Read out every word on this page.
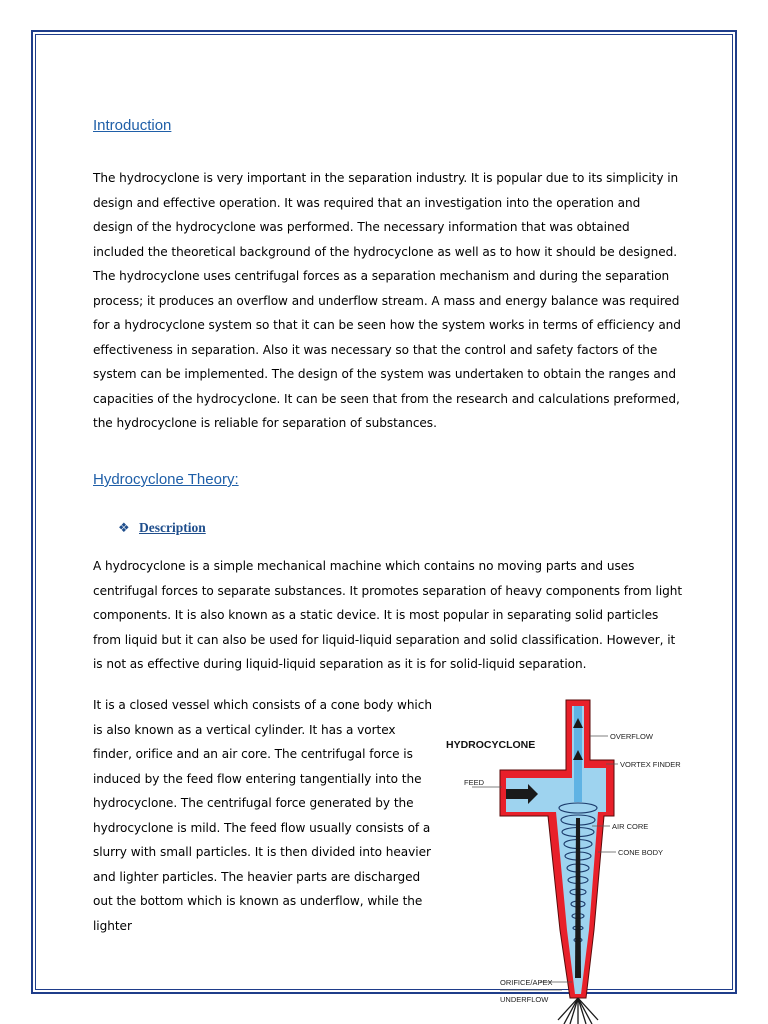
Introduction

The hydrocyclone is very important in the separation industry. It is popular due to its simplicity in design and effective operation. It was required that an investigation into the operation and design of the hydrocyclone was performed. The necessary information that was obtained included the theoretical background of the hydrocyclone as well as to how it should be designed. The hydrocyclone uses centrifugal forces as a separation mechanism and during the separation process; it produces an overflow and underflow stream. A mass and energy balance was required for a hydrocyclone system so that it can be seen how the system works in terms of efficiency and effectiveness in separation. Also it was necessary so that the control and safety factors of the system can be implemented. The design of the system was undertaken to obtain the ranges and capacities of the hydrocyclone. It can be seen that from the research and calculations preformed, the hydrocyclone is reliable for separation of substances.

Hydrocyclone Theory:
❖ Description

A hydrocyclone is a simple mechanical machine which contains no moving parts and uses centrifugal forces to separate substances. It promotes separation of heavy components from light components. It is also known as a static device. It is most popular in separating solid particles from liquid but it can also be used for liquid-liquid separation and solid classification. However, it is not as effective during liquid-liquid separation as it is for solid-liquid separation.

It is a closed vessel which consists of a cone body which is also known as a vertical cylinder. It has a vortex finder, orifice and an air core. The centrifugal force is induced by the feed flow entering tangentially into the hydrocyclone. The centrifugal force generated by the hydrocyclone is mild. The feed flow usually consists of a slurry with small particles. It is then divided into heavier and lighter particles. The heavier parts are discharged out the bottom which is known as underflow, while the lighter

HYDROCYCLONE
OVERFLOW
VORTEX FINDER
FEED
AIR CORE
CONE BODY
ORIFICE/APEX
UNDERFLOW
